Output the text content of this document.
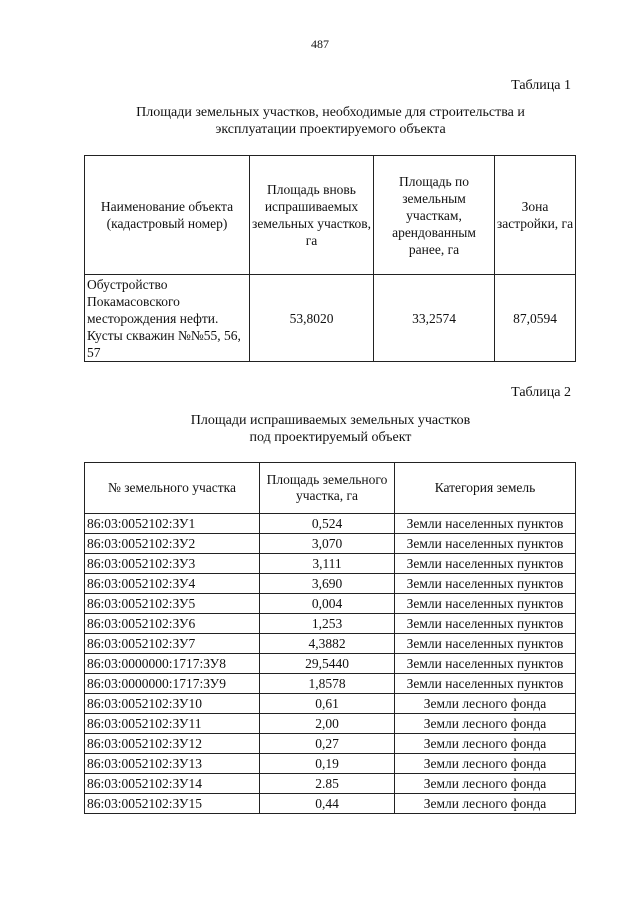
487
Таблица 1
Площади земельных участков, необходимые для строительства и
эксплуатации проектируемого объекта
Наименование объекта (кадастровый номер)	Площадь вновь испрашиваемых земельных участков, га	Площадь по земельным участкам, арендованным ранее, га	Зона застройки, га
Обустройство Покамасовского месторождения нефти. Кусты скважин №№55, 56, 57	53,8020	33,2574	87,0594
Таблица 2
Площади испрашиваемых земельных участков
под проектируемый объект
№ земельного участка	Площадь земельного участка, га	Категория земель
86:03:0052102:ЗУ1	0,524	Земли населенных пунктов
86:03:0052102:ЗУ2	3,070	Земли населенных пунктов
86:03:0052102:ЗУ3	3,111	Земли населенных пунктов
86:03:0052102:ЗУ4	3,690	Земли населенных пунктов
86:03:0052102:ЗУ5	0,004	Земли населенных пунктов
86:03:0052102:ЗУ6	1,253	Земли населенных пунктов
86:03:0052102:ЗУ7	4,3882	Земли населенных пунктов
86:03:0000000:1717:ЗУ8	29,5440	Земли населенных пунктов
86:03:0000000:1717:ЗУ9	1,8578	Земли населенных пунктов
86:03:0052102:ЗУ10	0,61	Земли лесного фонда
86:03:0052102:ЗУ11	2,00	Земли лесного фонда
86:03:0052102:ЗУ12	0,27	Земли лесного фонда
86:03:0052102:ЗУ13	0,19	Земли лесного фонда
86:03:0052102:ЗУ14	2.85	Земли лесного фонда
86:03:0052102:ЗУ15	0,44	Земли лесного фонда
